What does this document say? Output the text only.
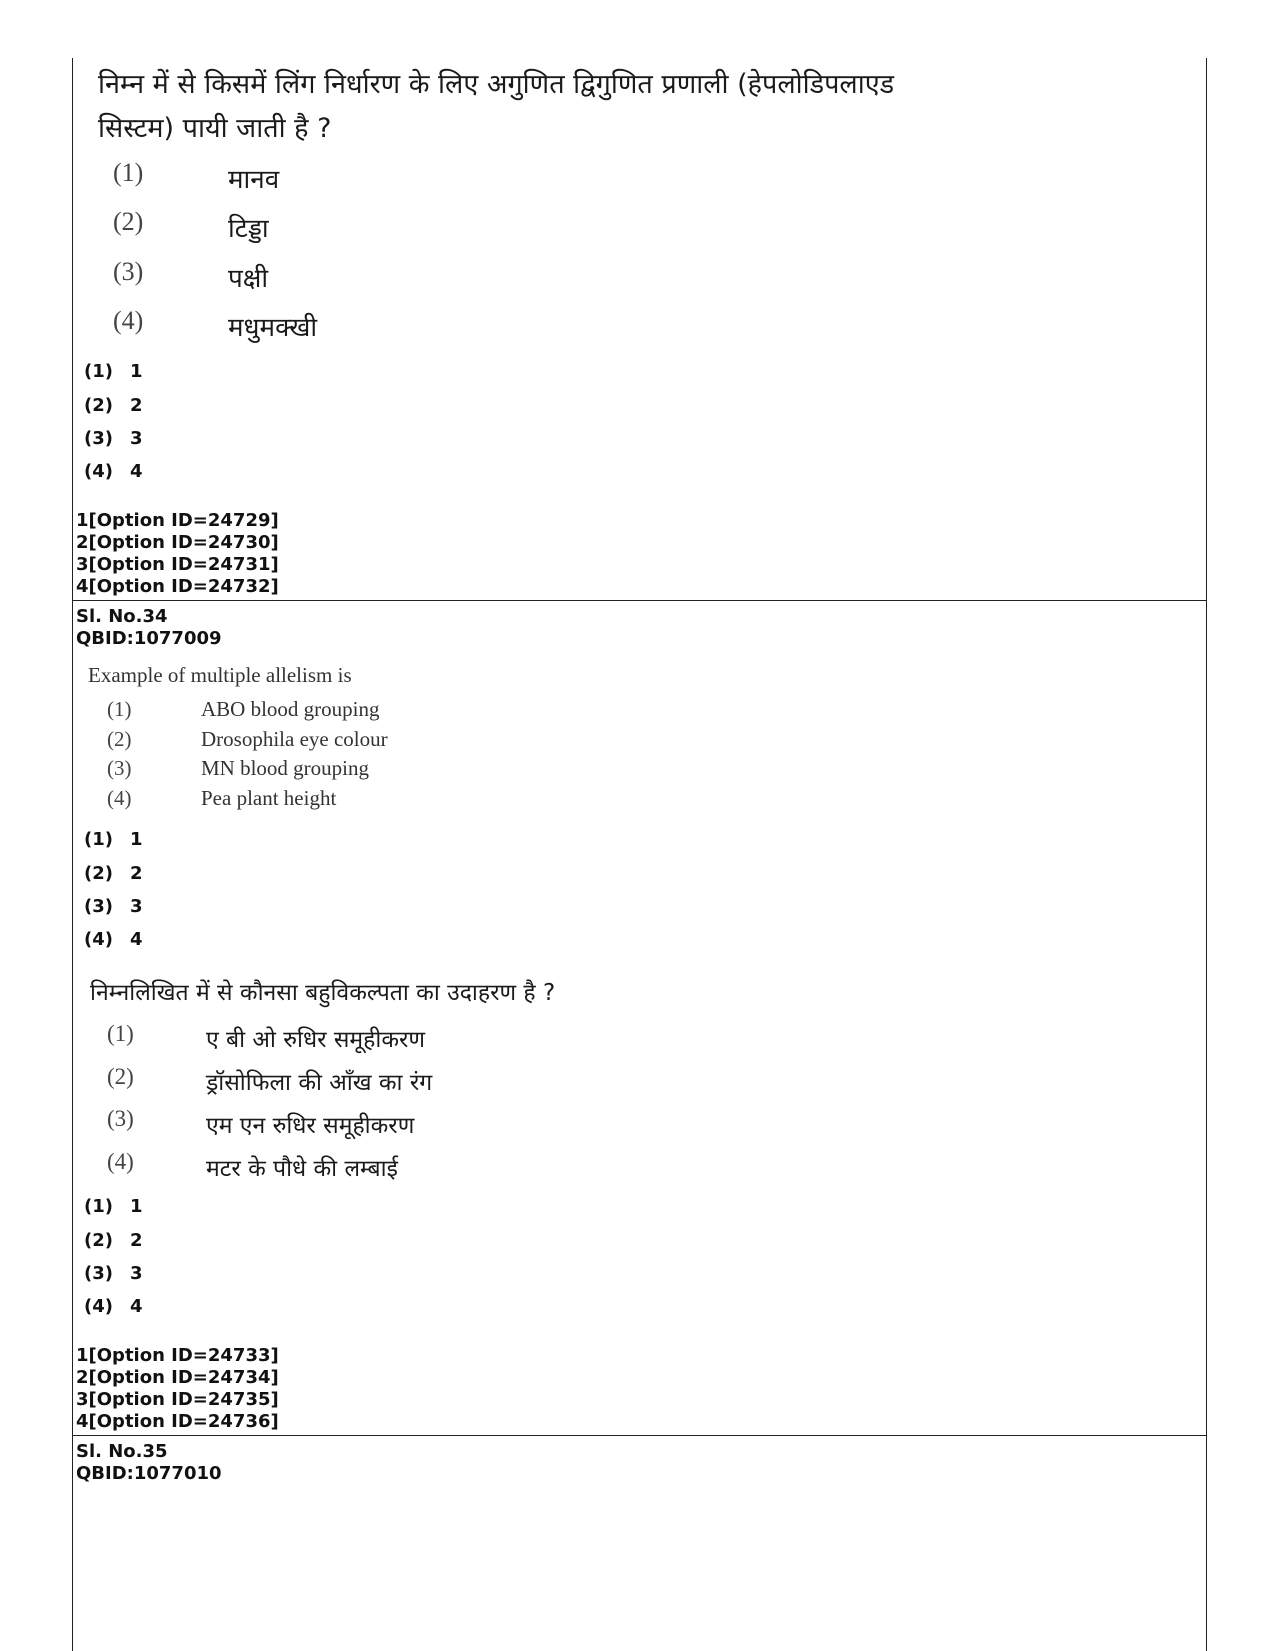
निम्न में से किसमें लिंग निर्धारण के लिए अगुणित द्विगुणित प्रणाली (हेपलोडिपलाएड
सिस्टम) पायी जाती है ?
(1)	मानव
(2)	टिड्डा
(3)	पक्षी
(4)	मधुमक्खी
(1) 1
(2) 2
(3) 3
(4) 4
1[Option ID=24729]
2[Option ID=24730]
3[Option ID=24731]
4[Option ID=24732]
Sl. No.34
QBID:1077009
Example of multiple allelism is
(1)	ABO blood grouping
(2)	Drosophila eye colour
(3)	MN blood grouping
(4)	Pea plant height
(1) 1
(2) 2
(3) 3
(4) 4
निम्नलिखित में से कौनसा बहुविकल्पता का उदाहरण है ?
(1)	ए बी ओ रुधिर समूहीकरण
(2)	ड्रॉसोफिला की आँख का रंग
(3)	एम एन रुधिर समूहीकरण
(4)	मटर के पौधे की लम्बाई
(1) 1
(2) 2
(3) 3
(4) 4
1[Option ID=24733]
2[Option ID=24734]
3[Option ID=24735]
4[Option ID=24736]
Sl. No.35
QBID:1077010
